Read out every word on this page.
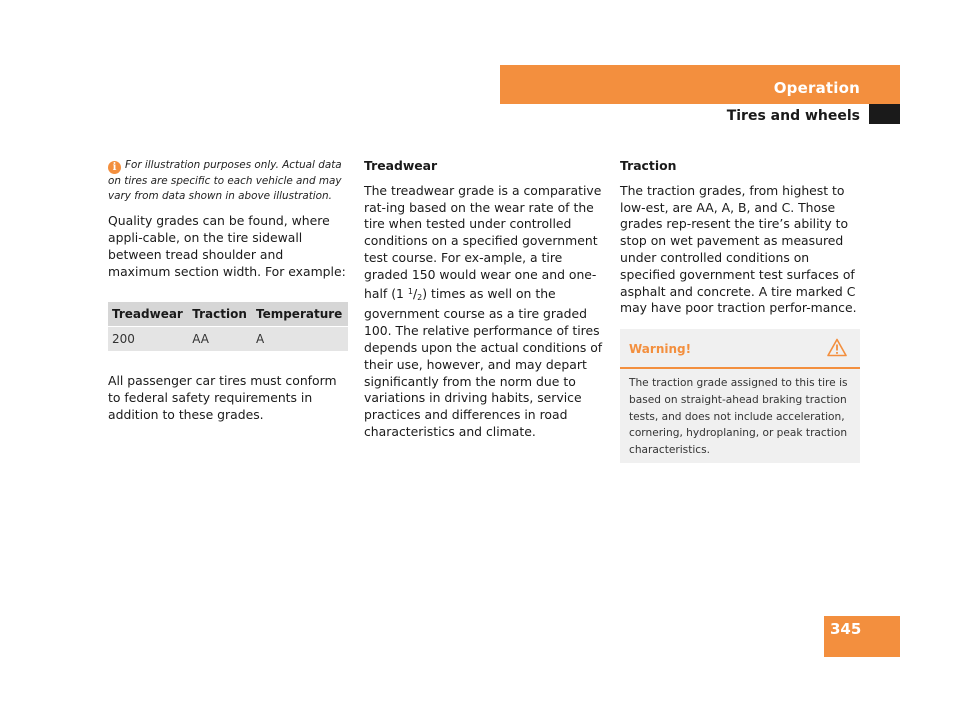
Operation
Tires and wheels
i For illustration purposes only. Actual data on tires are specific to each vehicle and may vary from data shown in above illustration.

Quality grades can be found, where appli-cable, on the tire sidewall between tread shoulder and maximum section width. For example:

Treadwear	Traction	Temperature
200	AA	A

All passenger car tires must conform to federal safety requirements in addition to these grades.

Treadwear

The treadwear grade is a comparative rat-ing based on the wear rate of the tire when tested under controlled conditions on a specified government test course. For ex-ample, a tire graded 150 would wear one and one-half (1 $^1$/2) times as well on the government course as a tire graded 100. The relative performance of tires depends upon the actual conditions of their use, however, and may depart significantly from the norm due to variations in driving habits, service practices and differences in road characteristics and climate.

Traction

The traction grades, from highest to low-est, are AA, A, B, and C. Those grades rep-resent the tire’s ability to stop on wet pavement as measured under controlled conditions on specified government test surfaces of asphalt and concrete. A tire marked C may have poor traction perfor-mance.

Warning!
The traction grade assigned to this tire is based on straight-ahead braking traction tests, and does not include acceleration, cornering, hydroplaning, or peak traction characteristics.
345
